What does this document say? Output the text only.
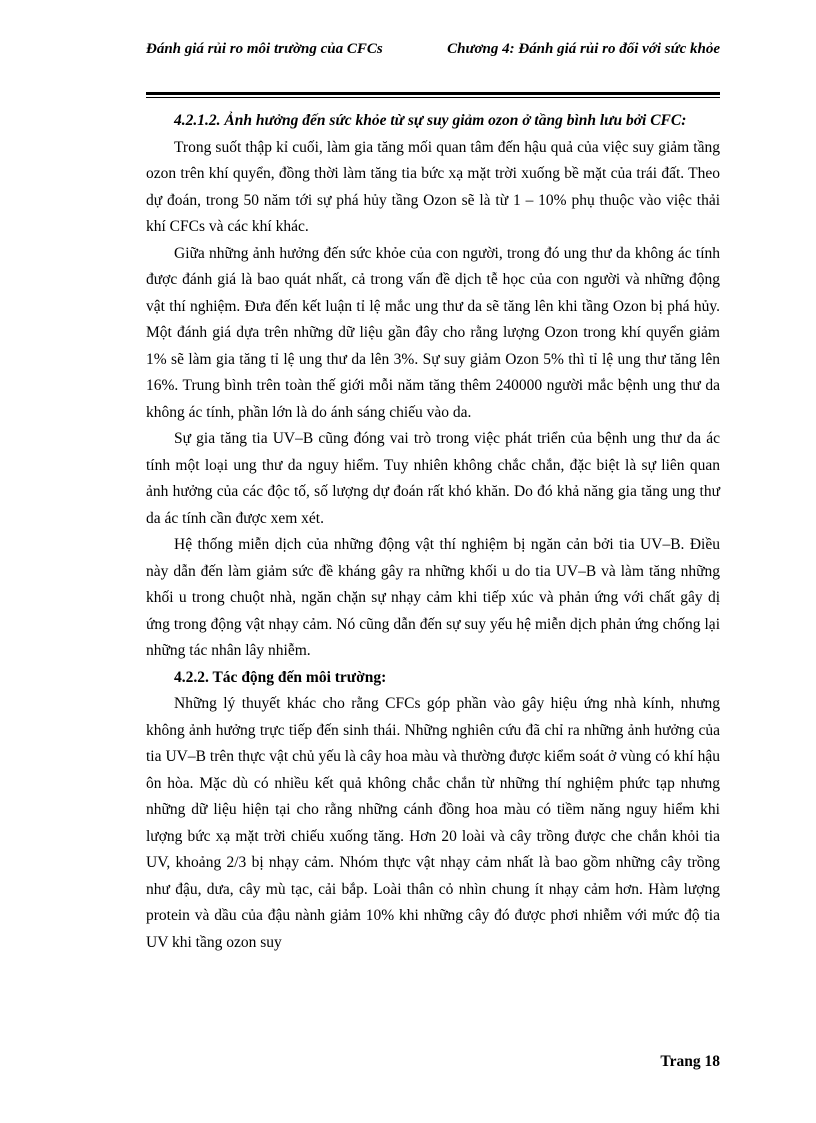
Đánh giá rủi ro môi trường của CFCs	Chương 4: Đánh giá rủi ro đối với sức khỏe

4.2.1.2. Ảnh hưởng đến sức khỏe từ sự suy giảm ozon ở tầng bình lưu bởi CFC:

Trong suốt thập kỉ cuối, làm gia tăng mối quan tâm đến hậu quả của việc suy giảm tầng ozon trên khí quyển, đồng thời làm tăng tia bức xạ mặt trời xuống bề mặt của trái đất. Theo dự đoán, trong 50 năm tới sự phá hủy tầng Ozon sẽ là từ 1 – 10% phụ thuộc vào việc thải khí CFCs và các khí khác.

Giữa những ảnh hưởng đến sức khỏe của con người, trong đó ung thư da không ác tính được đánh giá là bao quát nhất, cả trong vấn đề dịch tễ học của con người và những động vật thí nghiệm. Đưa đến kết luận tỉ lệ mắc ung thư da sẽ tăng lên khi tầng Ozon bị phá hủy. Một đánh giá dựa trên những dữ liệu gần đây cho rằng lượng Ozon trong khí quyển giảm 1% sẽ làm gia tăng tỉ lệ ung thư da lên 3%. Sự suy giảm Ozon 5% thì tỉ lệ ung thư tăng lên 16%. Trung bình trên toàn thế giới mỗi năm tăng thêm 240000 người mắc bệnh ung thư da không ác tính, phần lớn là do ánh sáng chiếu vào da.

Sự gia tăng tia UV–B cũng đóng vai trò trong việc phát triển của bệnh ung thư da ác tính một loại ung thư da nguy hiểm. Tuy nhiên không chắc chắn, đặc biệt là sự liên quan ảnh hưởng của các độc tố, số lượng dự đoán rất khó khăn. Do đó khả năng gia tăng ung thư da ác tính cần được xem xét.

Hệ thống miễn dịch của những động vật thí nghiệm bị ngăn cản bởi tia UV–B. Điều này dẫn đến làm giảm sức đề kháng gây ra những khối u do tia UV–B và làm tăng những khối u trong chuột nhà, ngăn chặn sự nhạy cảm khi tiếp xúc và phản ứng với chất gây dị ứng trong động vật nhạy cảm. Nó cũng dẫn đến sự suy yếu hệ miễn dịch phản ứng chống lại những tác nhân lây nhiễm.

4.2.2. Tác động đến môi trường:

Những lý thuyết khác cho rằng CFCs góp phần vào gây hiệu ứng nhà kính, nhưng không ảnh hưởng trực tiếp đến sinh thái. Những nghiên cứu đã chỉ ra những ảnh hưởng của tia UV–B trên thực vật chủ yếu là cây hoa màu và thường được kiểm soát ở vùng có khí hậu ôn hòa. Mặc dù có nhiều kết quả không chắc chắn từ những thí nghiệm phức tạp nhưng những dữ liệu hiện tại cho rằng những cánh đồng hoa màu có tiềm năng nguy hiểm khi lượng bức xạ mặt trời chiếu xuống tăng. Hơn 20 loài và cây trồng được che chắn khỏi tia UV, khoảng 2/3 bị nhạy cảm. Nhóm thực vật nhạy cảm nhất là bao gồm những cây trồng như đậu, dưa, cây mù tạc, cải bắp. Loài thân cỏ nhìn chung ít nhạy cảm hơn. Hàm lượng protein và dầu của đậu nành giảm 10% khi những cây đó được phơi nhiễm với mức độ tia UV khi tầng ozon suy

Trang 18
